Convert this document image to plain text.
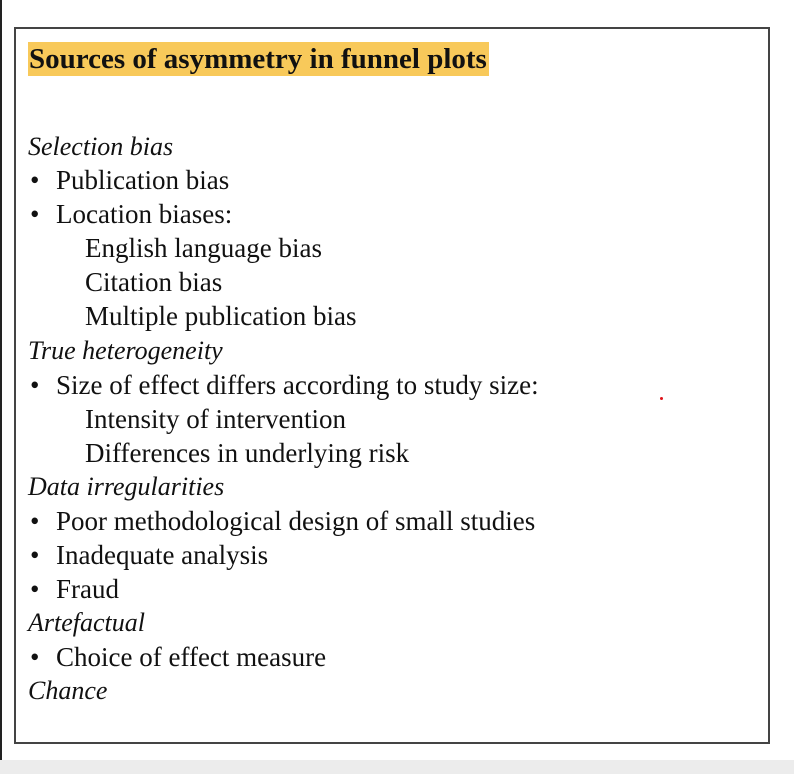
Sources of asymmetry in funnel plots
Selection bias
• Publication bias
• Location biases:
English language bias
Citation bias
Multiple publication bias
True heterogeneity
• Size of effect differs according to study size:
Intensity of intervention
Differences in underlying risk
Data irregularities
• Poor methodological design of small studies
• Inadequate analysis
• Fraud
Artefactual
• Choice of effect measure
Chance
